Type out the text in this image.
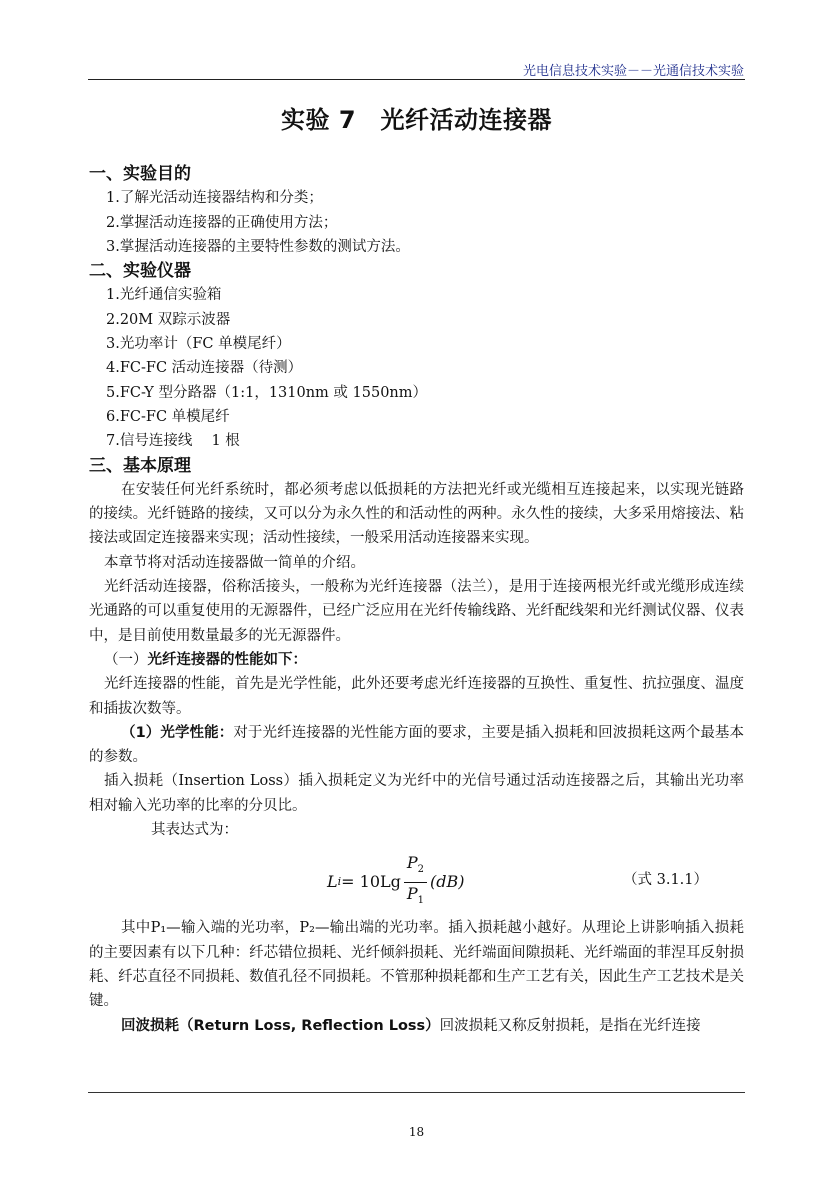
光电信息技术实验－－光通信技术实验
实验 7　光纤活动连接器
一、实验目的
1.了解光活动连接器结构和分类；
2.掌握活动连接器的正确使用方法；
3.掌握活动连接器的主要特性参数的测试方法。
二、实验仪器
1.光纤通信实验箱
2.20M 双踪示波器
3.光功率计（FC 单模尾纤）
4.FC-FC 活动连接器（待测）
5.FC-Y 型分路器（1:1，1310nm 或 1550nm）
6.FC-FC 单模尾纤
7.信号连接线　 1 根
三、基本原理
在安装任何光纤系统时，都必须考虑以低损耗的方法把光纤或光缆相互连接起来，以实现光链路的接续。光纤链路的接续，又可以分为永久性的和活动性的两种。永久性的接续，大多采用熔接法、粘接法或固定连接器来实现；活动性接续，一般采用活动连接器来实现。
本章节将对活动连接器做一简单的介绍。
光纤活动连接器，俗称活接头，一般称为光纤连接器（法兰），是用于连接两根光纤或光缆形成连续光通路的可以重复使用的无源器件，已经广泛应用在光纤传输线路、光纤配线架和光纤测试仪器、仪表中，是目前使用数量最多的光无源器件。
（一）光纤连接器的性能如下：
光纤连接器的性能，首先是光学性能，此外还要考虑光纤连接器的互换性、重复性、抗拉强度、温度和插拔次数等。
（1）光学性能：对于光纤连接器的光性能方面的要求，主要是插入损耗和回波损耗这两个最基本的参数。
插入损耗（Insertion Loss）插入损耗定义为光纤中的光信号通过活动连接器之后，其输出光功率相对输入光功率的比率的分贝比。
其表达式为：
L $i = 10Lg \frac{P_2}{P_1} (dB)$	（式 3.1.1）
其中P₁—输入端的光功率，P₂—输出端的光功率。插入损耗越小越好。从理论上讲影响插入损耗的主要因素有以下几种：纤芯错位损耗、光纤倾斜损耗、光纤端面间隙损耗、光纤端面的菲涅耳反射损耗、纤芯直径不同损耗、数值孔径不同损耗。不管那种损耗都和生产工艺有关，因此生产工艺技术是关键。
回波损耗（Return Loss, Reflection Loss）回波损耗又称反射损耗，是指在光纤连接
18
